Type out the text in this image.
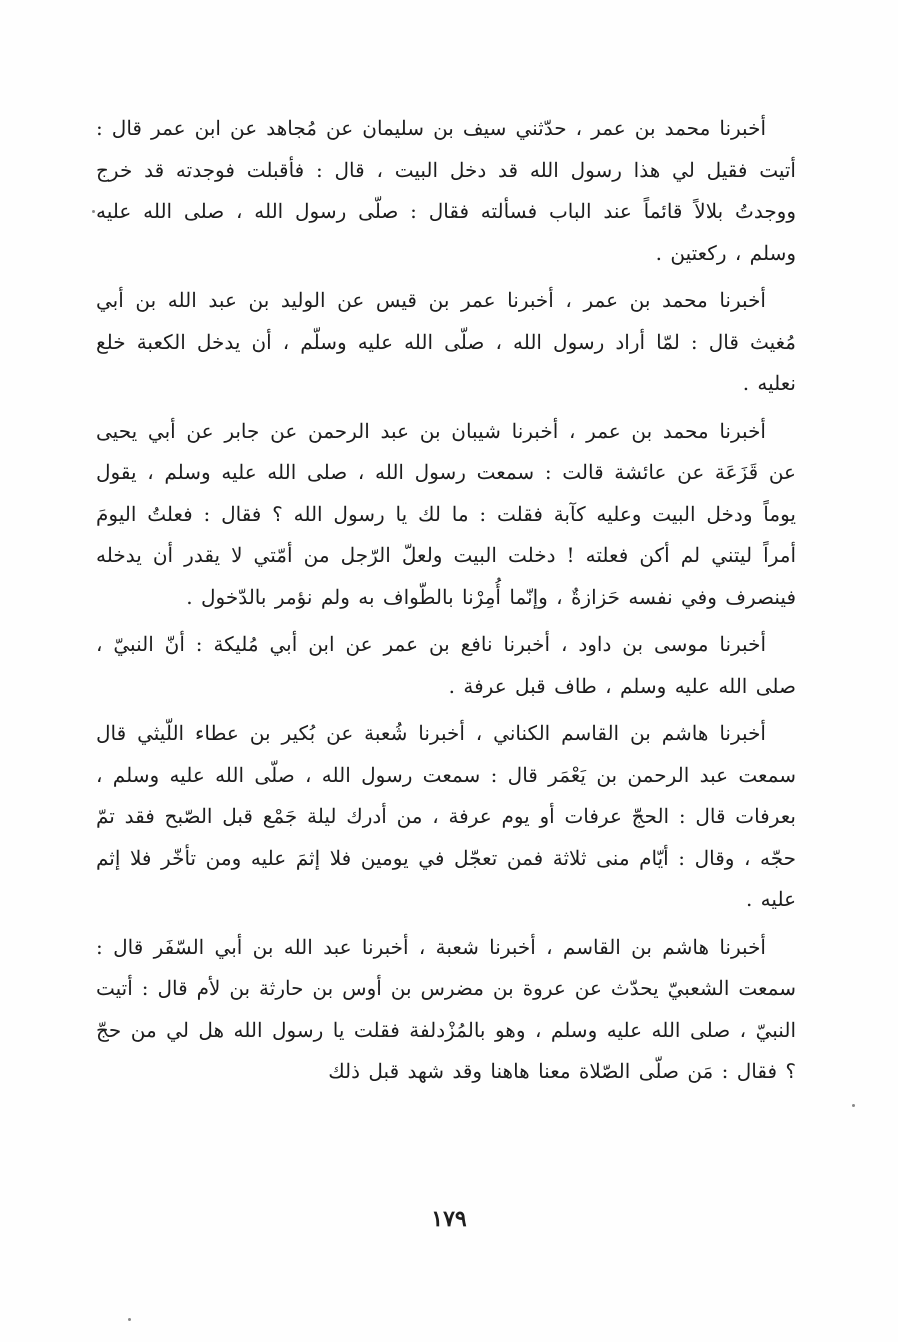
أخبرنا محمد بن عمر ، حدّثني سيف بن سليمان عن مُجاهد عن ابن عمر قال : أتيت فقيل لي هذا رسول الله قد دخل البيت ، قال : فأقبلت فوجدته قد خرج ووجدتُ بلالاً قائماً عند الباب فسألته فقال : صلّى رسول الله ، صلى الله عليه وسلم ، ركعتين .

أخبرنا محمد بن عمر ، أخبرنا عمر بن قيس عن الوليد بن عبد الله بن أبي مُغيث قال : لمّا أراد رسول الله ، صلّى الله عليه وسلّم ، أن يدخل الكعبة خلع نعليه .

أخبرنا محمد بن عمر ، أخبرنا شيبان بن عبد الرحمن عن جابر عن أبي يحيى عن قَزَعَة عن عائشة قالت : سمعت رسول الله ، صلى الله عليه وسلم ، يقول يوماً ودخل البيت وعليه كآبة فقلت : ما لك يا رسول الله ؟ فقال : فعلتُ اليومَ أمراً ليتني لم أكن فعلته ! دخلت البيت ولعلّ الرّجل من أمّتي لا يقدر أن يدخله فينصرف وفي نفسه حَزازةٌ ، وإنّما أُمِرْنا بالطّواف به ولم نؤمر بالدّخول .

أخبرنا موسى بن داود ، أخبرنا نافع بن عمر عن ابن أبي مُليكة : أنّ النبيّ ، صلى الله عليه وسلم ، طاف قبل عرفة .

أخبرنا هاشم بن القاسم الكناني ، أخبرنا شُعبة عن بُكير بن عطاء اللّيثي قال سمعت عبد الرحمن بن يَعْمَر قال : سمعت رسول الله ، صلّى الله عليه وسلم ، بعرفات قال : الحجّ عرفات أو يوم عرفة ، من أدرك ليلة جَمْع قبل الصّبح فقد تمّ حجّه ، وقال : أيّام منى ثلاثة فمن تعجّل في يومين فلا إثمَ عليه ومن تأخّر فلا إثم عليه .

أخبرنا هاشم بن القاسم ، أخبرنا شعبة ، أخبرنا عبد الله بن أبي السّفَر قال : سمعت الشعبيّ يحدّث عن عروة بن مضرس بن أوس بن حارثة بن لأم قال : أتيت النبيّ ، صلى الله عليه وسلم ، وهو بالمُزْدلفة فقلت يا رسول الله هل لي من حجّ ؟ فقال : مَن صلّى الصّلاة معنا هاهنا وقد شهد قبل ذلك

١٧٩
